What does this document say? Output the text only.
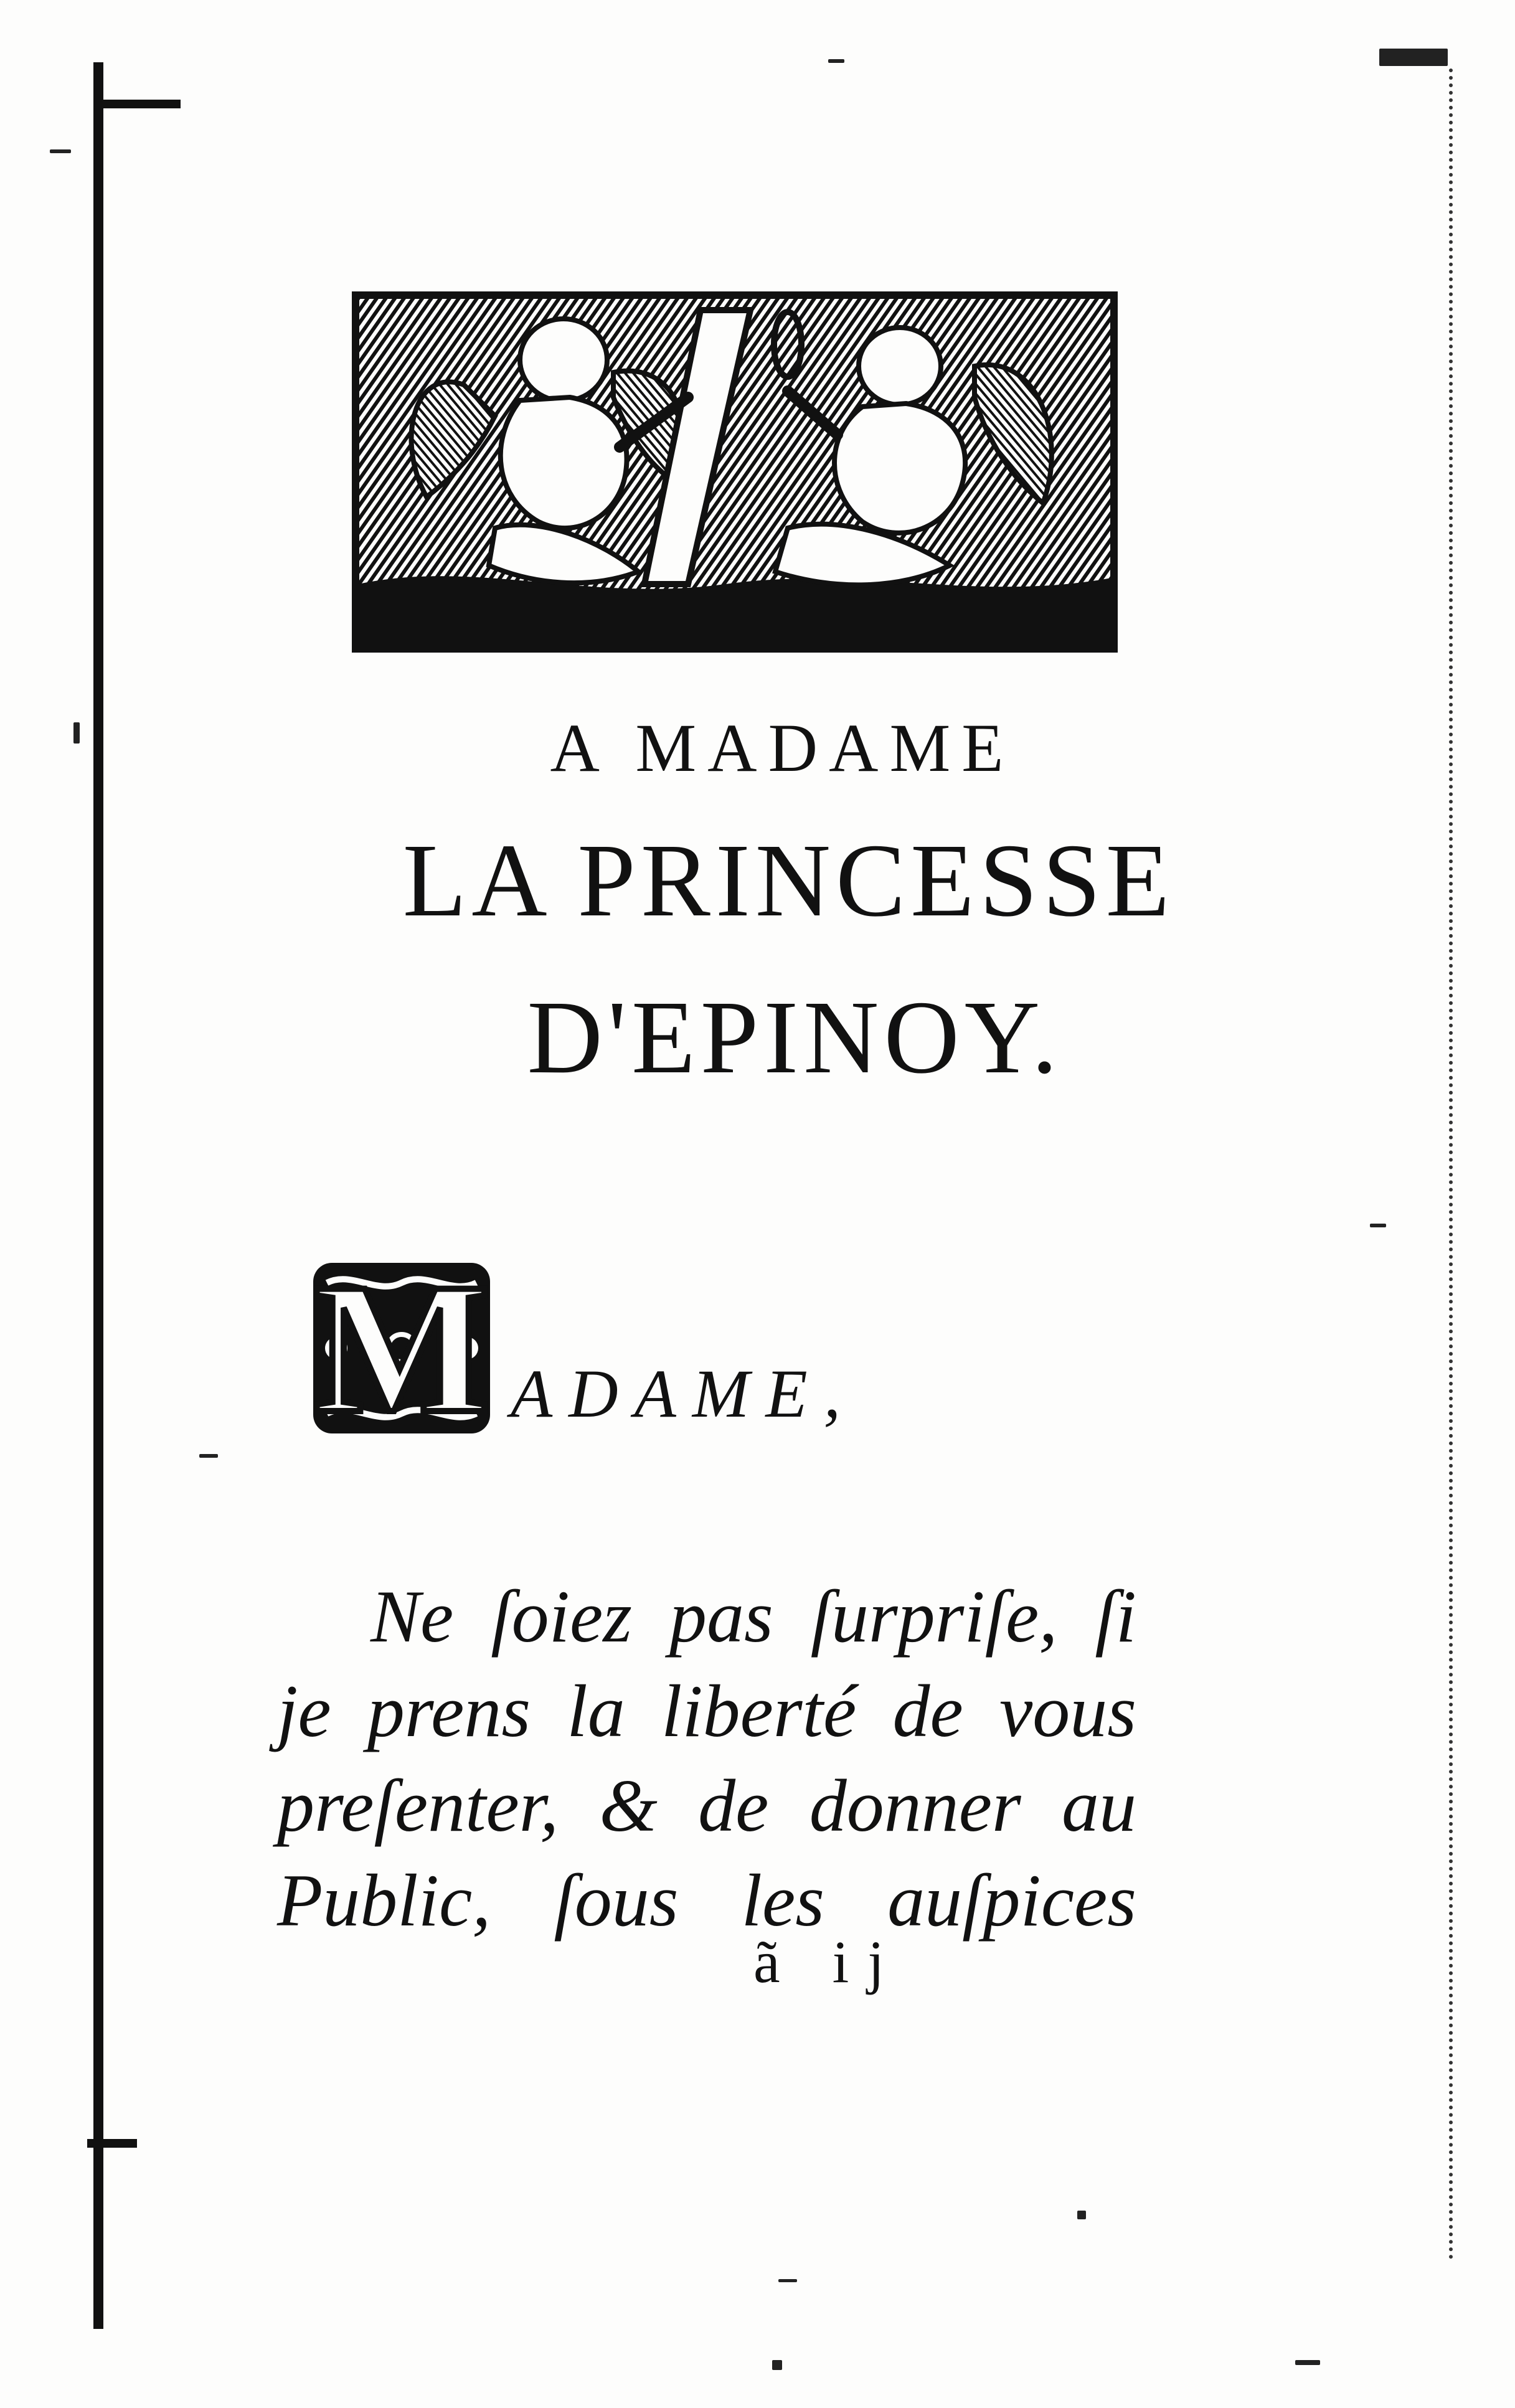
A MADAME
LA PRINCESSE
D'EPINOY.
M ADAME,
Ne ſoiez pas ſurpriſe, ſi
je prens la liberté de vous
preſenter, & de donner au
Public, ſous les auſpices
ã ij
